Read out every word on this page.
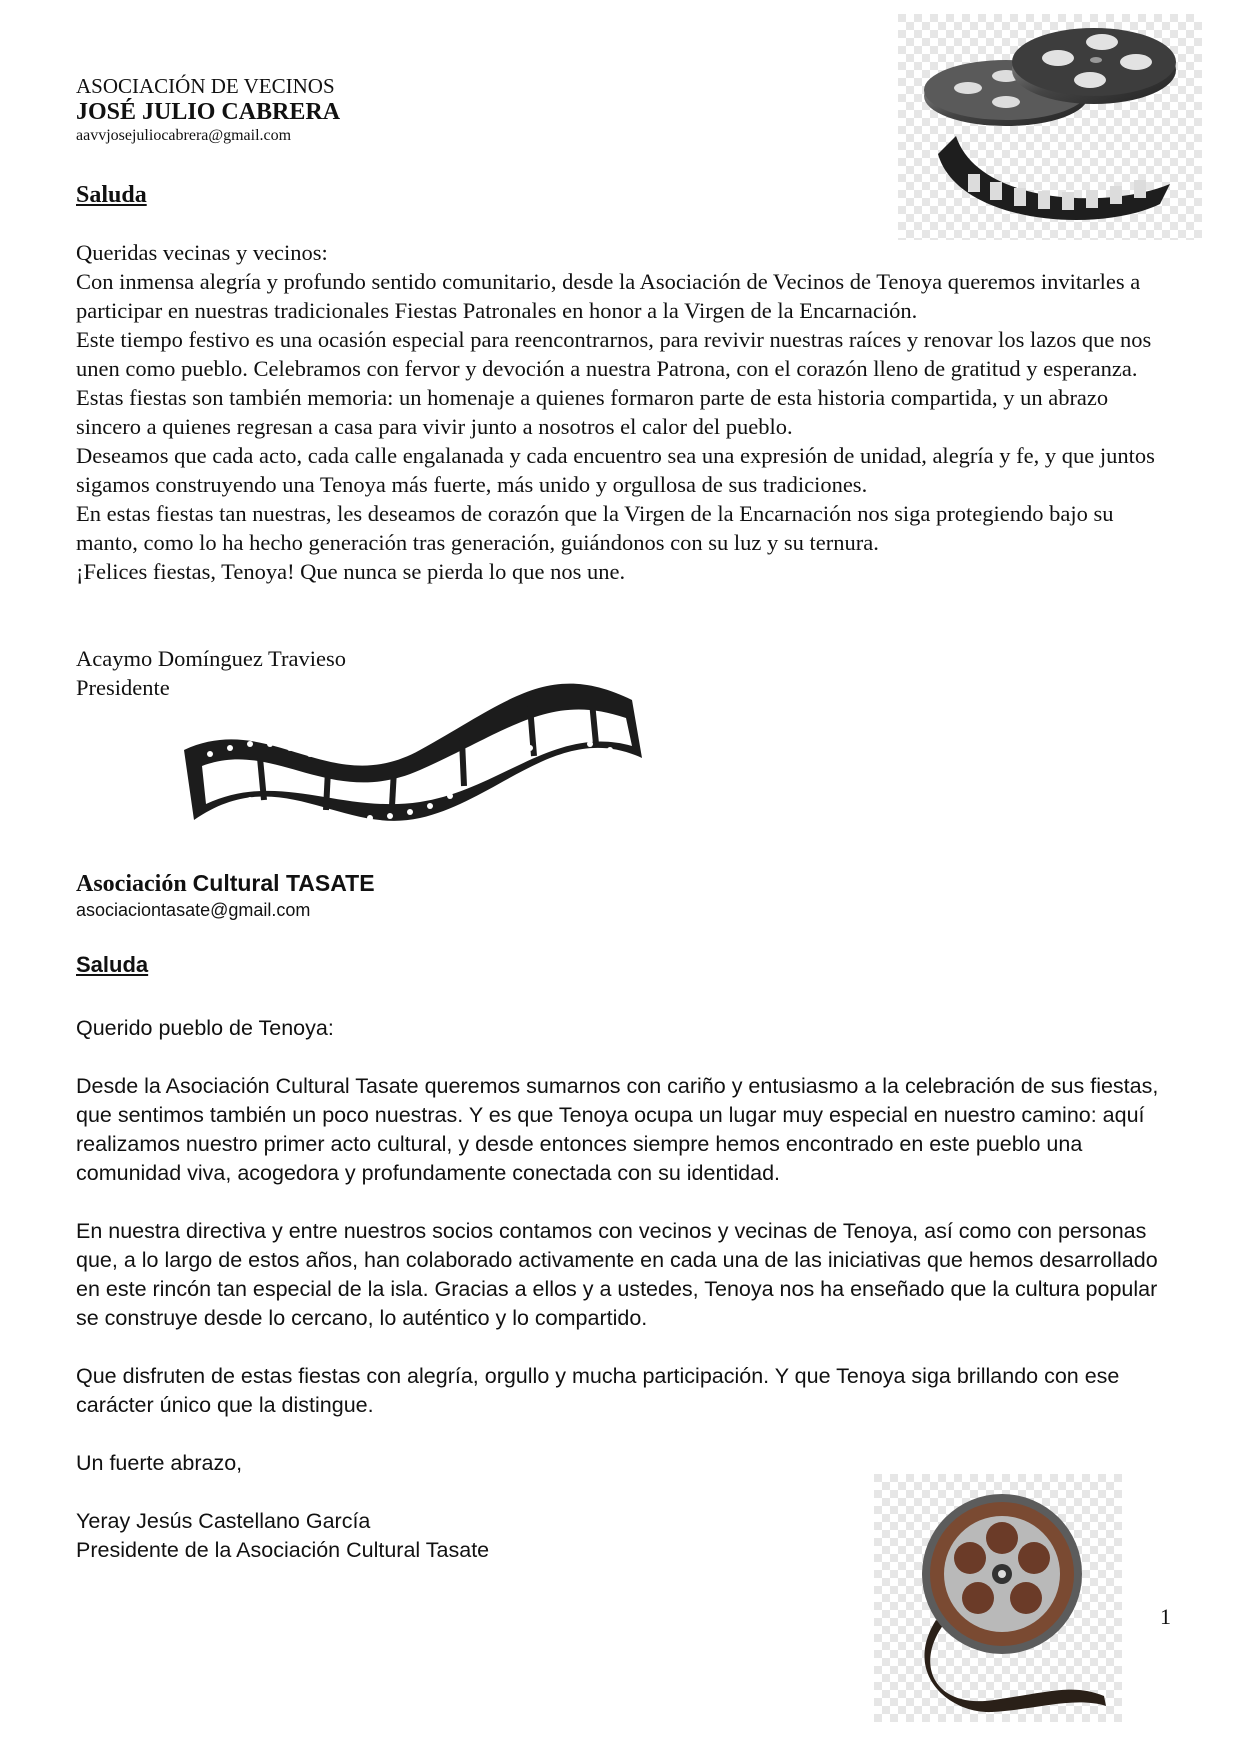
ASOCIACIÓN DE VECINOS
JOSÉ JULIO CABRERA
aavvjosejuliocabrera@gmail.com
Saluda

Queridas vecinas y vecinos:

Con inmensa alegría y profundo sentido comunitario, desde la Asociación de Vecinos de Tenoya queremos invitarles a participar en nuestras tradicionales Fiestas Patronales en honor a la Virgen de la Encarnación.

Este tiempo festivo es una ocasión especial para reencontrarnos, para revivir nuestras raíces y renovar los lazos que nos unen como pueblo. Celebramos con fervor y devoción a nuestra Patrona, con el corazón lleno de gratitud y esperanza.

Estas fiestas son también memoria: un homenaje a quienes formaron parte de esta historia compartida, y un abrazo sincero a quienes regresan a casa para vivir junto a nosotros el calor del pueblo.

Deseamos que cada acto, cada calle engalanada y cada encuentro sea una expresión de unidad, alegría y fe, y que juntos sigamos construyendo una Tenoya más fuerte, más unido y orgullosa de sus tradiciones.

En estas fiestas tan nuestras, les deseamos de corazón que la Virgen de la Encarnación nos siga protegiendo bajo su manto, como lo ha hecho generación tras generación, guiándonos con su luz y su ternura.

¡Felices fiestas, Tenoya! Que nunca se pierda lo que nos une.

Acaymo Domínguez Travieso
Presidente
Asociación Cultural TASATE
asociaciontasate@gmail.com
Saluda

Querido pueblo de Tenoya:

Desde la Asociación Cultural Tasate queremos sumarnos con cariño y entusiasmo a la celebración de sus fiestas, que sentimos también un poco nuestras. Y es que Tenoya ocupa un lugar muy especial en nuestro camino: aquí realizamos nuestro primer acto cultural, y desde entonces siempre hemos encontrado en este pueblo una comunidad viva, acogedora y profundamente conectada con su identidad.

En nuestra directiva y entre nuestros socios contamos con vecinos y vecinas de Tenoya, así como con personas que, a lo largo de estos años, han colaborado activamente en cada una de las iniciativas que hemos desarrollado en este rincón tan especial de la isla. Gracias a ellos y a ustedes, Tenoya nos ha enseñado que la cultura popular se construye desde lo cercano, lo auténtico y lo compartido.

Que disfruten de estas fiestas con alegría, orgullo y mucha participación. Y que Tenoya siga brillando con ese carácter único que la distingue.

Un fuerte abrazo,

Yeray Jesús Castellano García
Presidente de la Asociación Cultural Tasate
1
